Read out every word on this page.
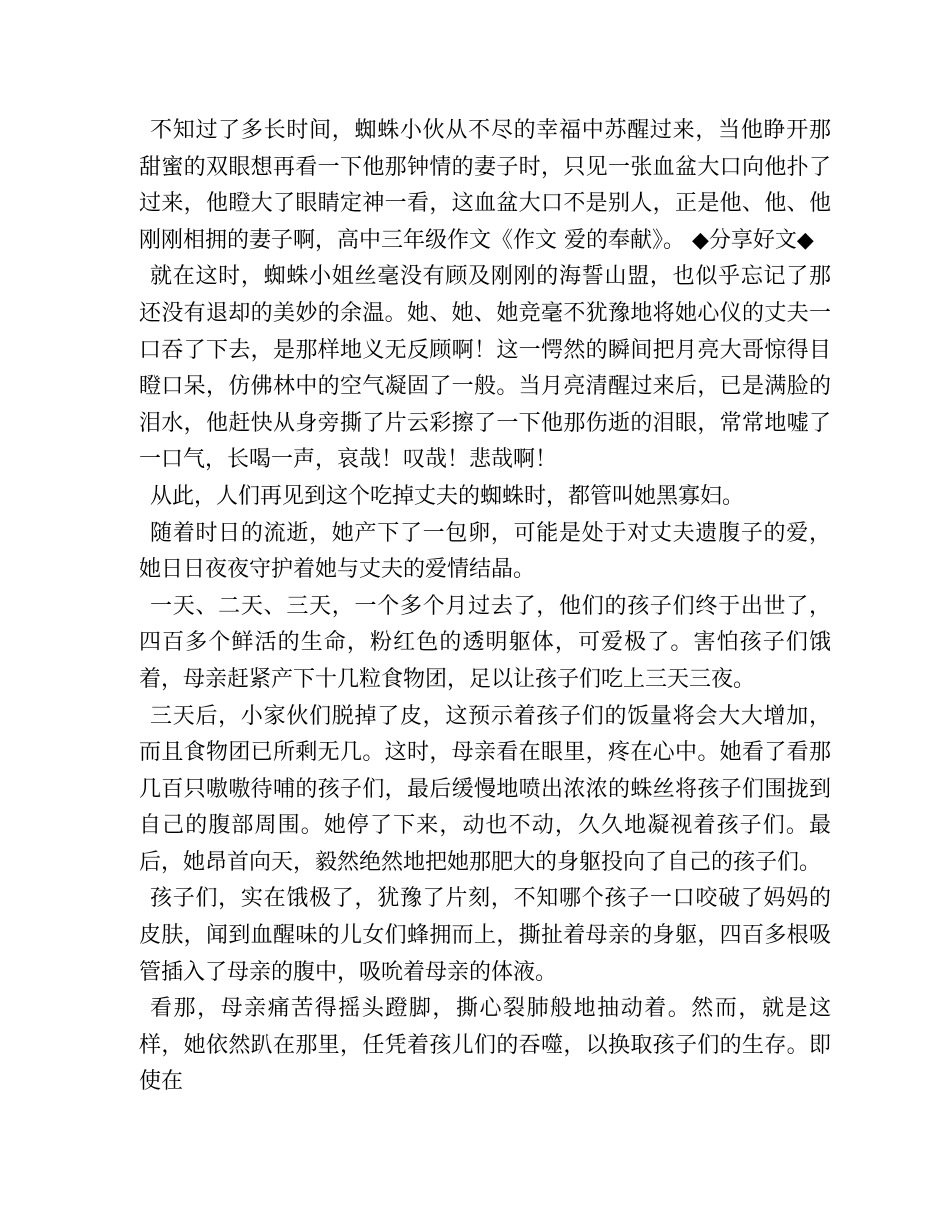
不知过了多长时间，蜘蛛小伙从不尽的幸福中苏醒过来，当他睁开那甜蜜的双眼想再看一下他那钟情的妻子时，只见一张血盆大口向他扑了过来，他瞪大了眼睛定神一看，这血盆大口不是别人，正是他、他、他刚刚相拥的妻子啊，高中三年级作文《作文 爱的奉献》。 ◆分享好文◆

就在这时，蜘蛛小姐丝毫没有顾及刚刚的海誓山盟，也似乎忘记了那还没有退却的美妙的余温。她、她、她竞毫不犹豫地将她心仪的丈夫一口吞了下去，是那样地义无反顾啊！这一愕然的瞬间把月亮大哥惊得目瞪口呆，仿佛林中的空气凝固了一般。当月亮清醒过来后，已是满脸的泪水，他赶快从身旁撕了片云彩擦了一下他那伤逝的泪眼，常常地嘘了一口气，长喝一声，哀哉！叹哉！悲哉啊！

从此，人们再见到这个吃掉丈夫的蜘蛛时，都管叫她黑寡妇。

随着时日的流逝，她产下了一包卵，可能是处于对丈夫遗腹子的爱，她日日夜夜守护着她与丈夫的爱情结晶。

一天、二天、三天，一个多个月过去了，他们的孩子们终于出世了，四百多个鲜活的生命，粉红色的透明躯体，可爱极了。害怕孩子们饿着，母亲赶紧产下十几粒食物团，足以让孩子们吃上三天三夜。

三天后，小家伙们脱掉了皮，这预示着孩子们的饭量将会大大增加，而且食物团已所剩无几。这时，母亲看在眼里，疼在心中。她看了看那几百只嗷嗷待哺的孩子们，最后缓慢地喷出浓浓的蛛丝将孩子们围拢到自己的腹部周围。她停了下来，动也不动，久久地凝视着孩子们。最后，她昂首向天，毅然绝然地把她那肥大的身躯投向了自己的孩子们。

孩子们，实在饿极了，犹豫了片刻，不知哪个孩子一口咬破了妈妈的皮肤，闻到血醒味的儿女们蜂拥而上，撕扯着母亲的身躯，四百多根吸管插入了母亲的腹中，吸吮着母亲的体液。

看那，母亲痛苦得摇头蹬脚，撕心裂肺般地抽动着。然而，就是这样，她依然趴在那里，任凭着孩儿们的吞噬，以换取孩子们的生存。即使在
